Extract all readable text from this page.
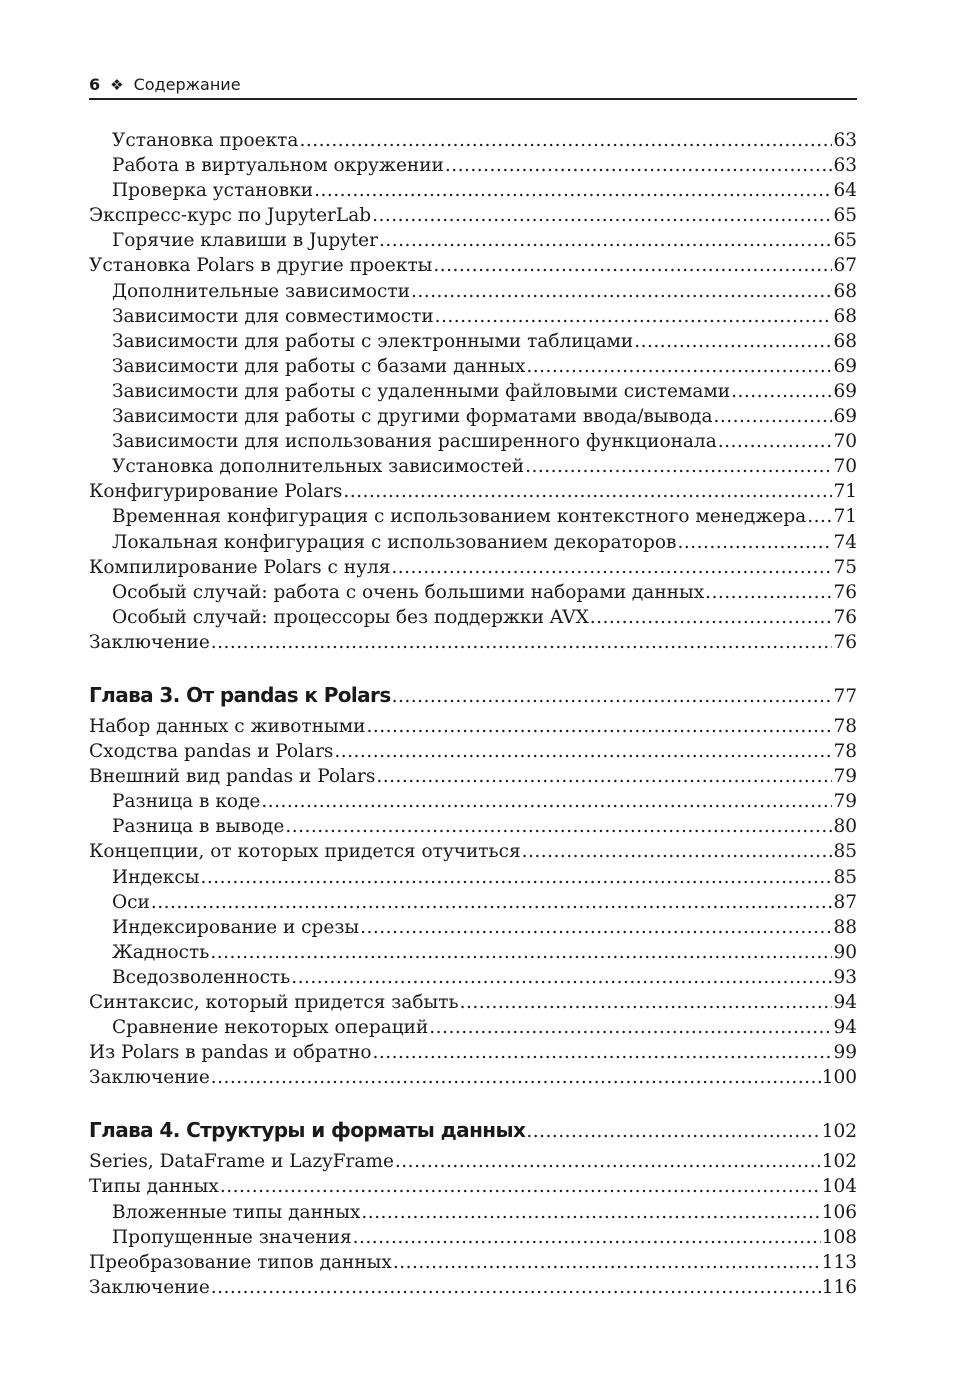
6 ❖ Содержание
Установка проекта .....	63
Работа в виртуальном окружении .....	63
Проверка установки .....	64
Экспресс-курс по JupyterLab .....	65
Горячие клавиши в Jupyter .....	65
Установка Polars в другие проекты .....	67
Дополнительные зависимости .....	68
Зависимости для совместимости .....	68
Зависимости для работы с электронными таблицами .....	68
Зависимости для работы с базами данных .....	69
Зависимости для работы с удаленными файловыми системами .....	69
Зависимости для работы с другими форматами ввода/вывода .....	69
Зависимости для использования расширенного функционала .....	70
Установка дополнительных зависимостей .....	70
Конфигурирование Polars .....	71
Временная конфигурация с использованием контекстного менеджера ..... 71
Локальная конфигурация с использованием декораторов .....	74
Компилирование Polars с нуля .....	75
Особый случай: работа с очень большими наборами данных .....	76
Особый случай: процессоры без поддержки AVX .....	76
Заключение .....	76
Глава 3. От pandas к Polars .....	77
Набор данных с животными .....	78
Сходства pandas и Polars .....	78
Внешний вид pandas и Polars .....	79
Разница в коде .....	79
Разница в выводе .....	80
Концепции, от которых придется отучиться .....	85
Индексы .....	85
Оси .....	87
Индексирование и срезы .....	88
Жадность .....	90
Вседозволенность .....	93
Синтаксис, который придется забыть .....	94
Сравнение некоторых операций .....	94
Из Polars в pandas и обратно .....	99
Заключение .....	100
Глава 4. Структуры и форматы данных .....	102
Series, DataFrame и LazyFrame .....	102
Типы данных .....	104
Вложенные типы данных .....	106
Пропущенные значения .....	108
Преобразование типов данных .....	113
Заключение .....	116
